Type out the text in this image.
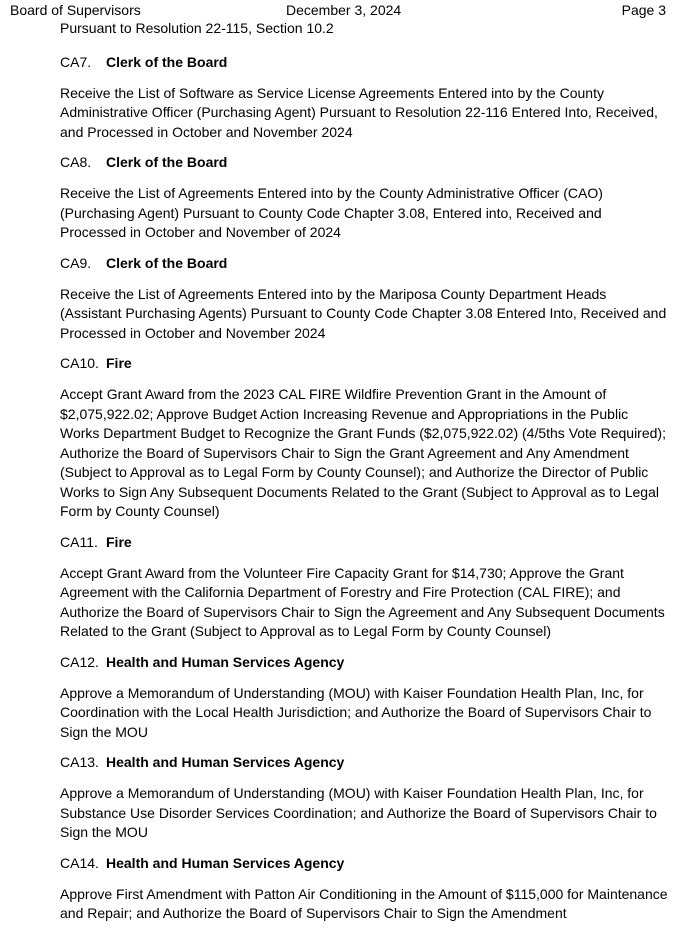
Board of Supervisors	December 3, 2024	Page 3
Pursuant to Resolution 22-115, Section 10.2
CA7. Clerk of the Board
Receive the List of Software as Service License Agreements Entered into by the County Administrative Officer (Purchasing Agent) Pursuant to Resolution 22-116 Entered Into, Received, and Processed in October and November 2024
CA8. Clerk of the Board
Receive the List of Agreements Entered into by the County Administrative Officer (CAO) (Purchasing Agent) Pursuant to County Code Chapter 3.08, Entered into, Received and Processed in October and November of 2024
CA9. Clerk of the Board
Receive the List of Agreements Entered into by the Mariposa County Department Heads (Assistant Purchasing Agents) Pursuant to County Code Chapter 3.08 Entered Into, Received and Processed in October and November 2024
CA10. Fire
Accept Grant Award from the 2023 CAL FIRE Wildfire Prevention Grant in the Amount of $2,075,922.02; Approve Budget Action Increasing Revenue and Appropriations in the Public Works Department Budget to Recognize the Grant Funds ($2,075,922.02) (4/5ths Vote Required); Authorize the Board of Supervisors Chair to Sign the Grant Agreement and Any Amendment (Subject to Approval as to Legal Form by County Counsel); and Authorize the Director of Public Works to Sign Any Subsequent Documents Related to the Grant (Subject to Approval as to Legal Form by County Counsel)
CA11. Fire
Accept Grant Award from the Volunteer Fire Capacity Grant for $14,730; Approve the Grant Agreement with the California Department of Forestry and Fire Protection (CAL FIRE); and Authorize the Board of Supervisors Chair to Sign the Agreement and Any Subsequent Documents Related to the Grant (Subject to Approval as to Legal Form by County Counsel)
CA12. Health and Human Services Agency
Approve a Memorandum of Understanding (MOU) with Kaiser Foundation Health Plan, Inc, for Coordination with the Local Health Jurisdiction; and Authorize the Board of Supervisors Chair to Sign the MOU
CA13. Health and Human Services Agency
Approve a Memorandum of Understanding (MOU) with Kaiser Foundation Health Plan, Inc, for Substance Use Disorder Services Coordination; and Authorize the Board of Supervisors Chair to Sign the MOU
CA14. Health and Human Services Agency
Approve First Amendment with Patton Air Conditioning in the Amount of $115,000 for Maintenance and Repair; and Authorize the Board of Supervisors Chair to Sign the Amendment
